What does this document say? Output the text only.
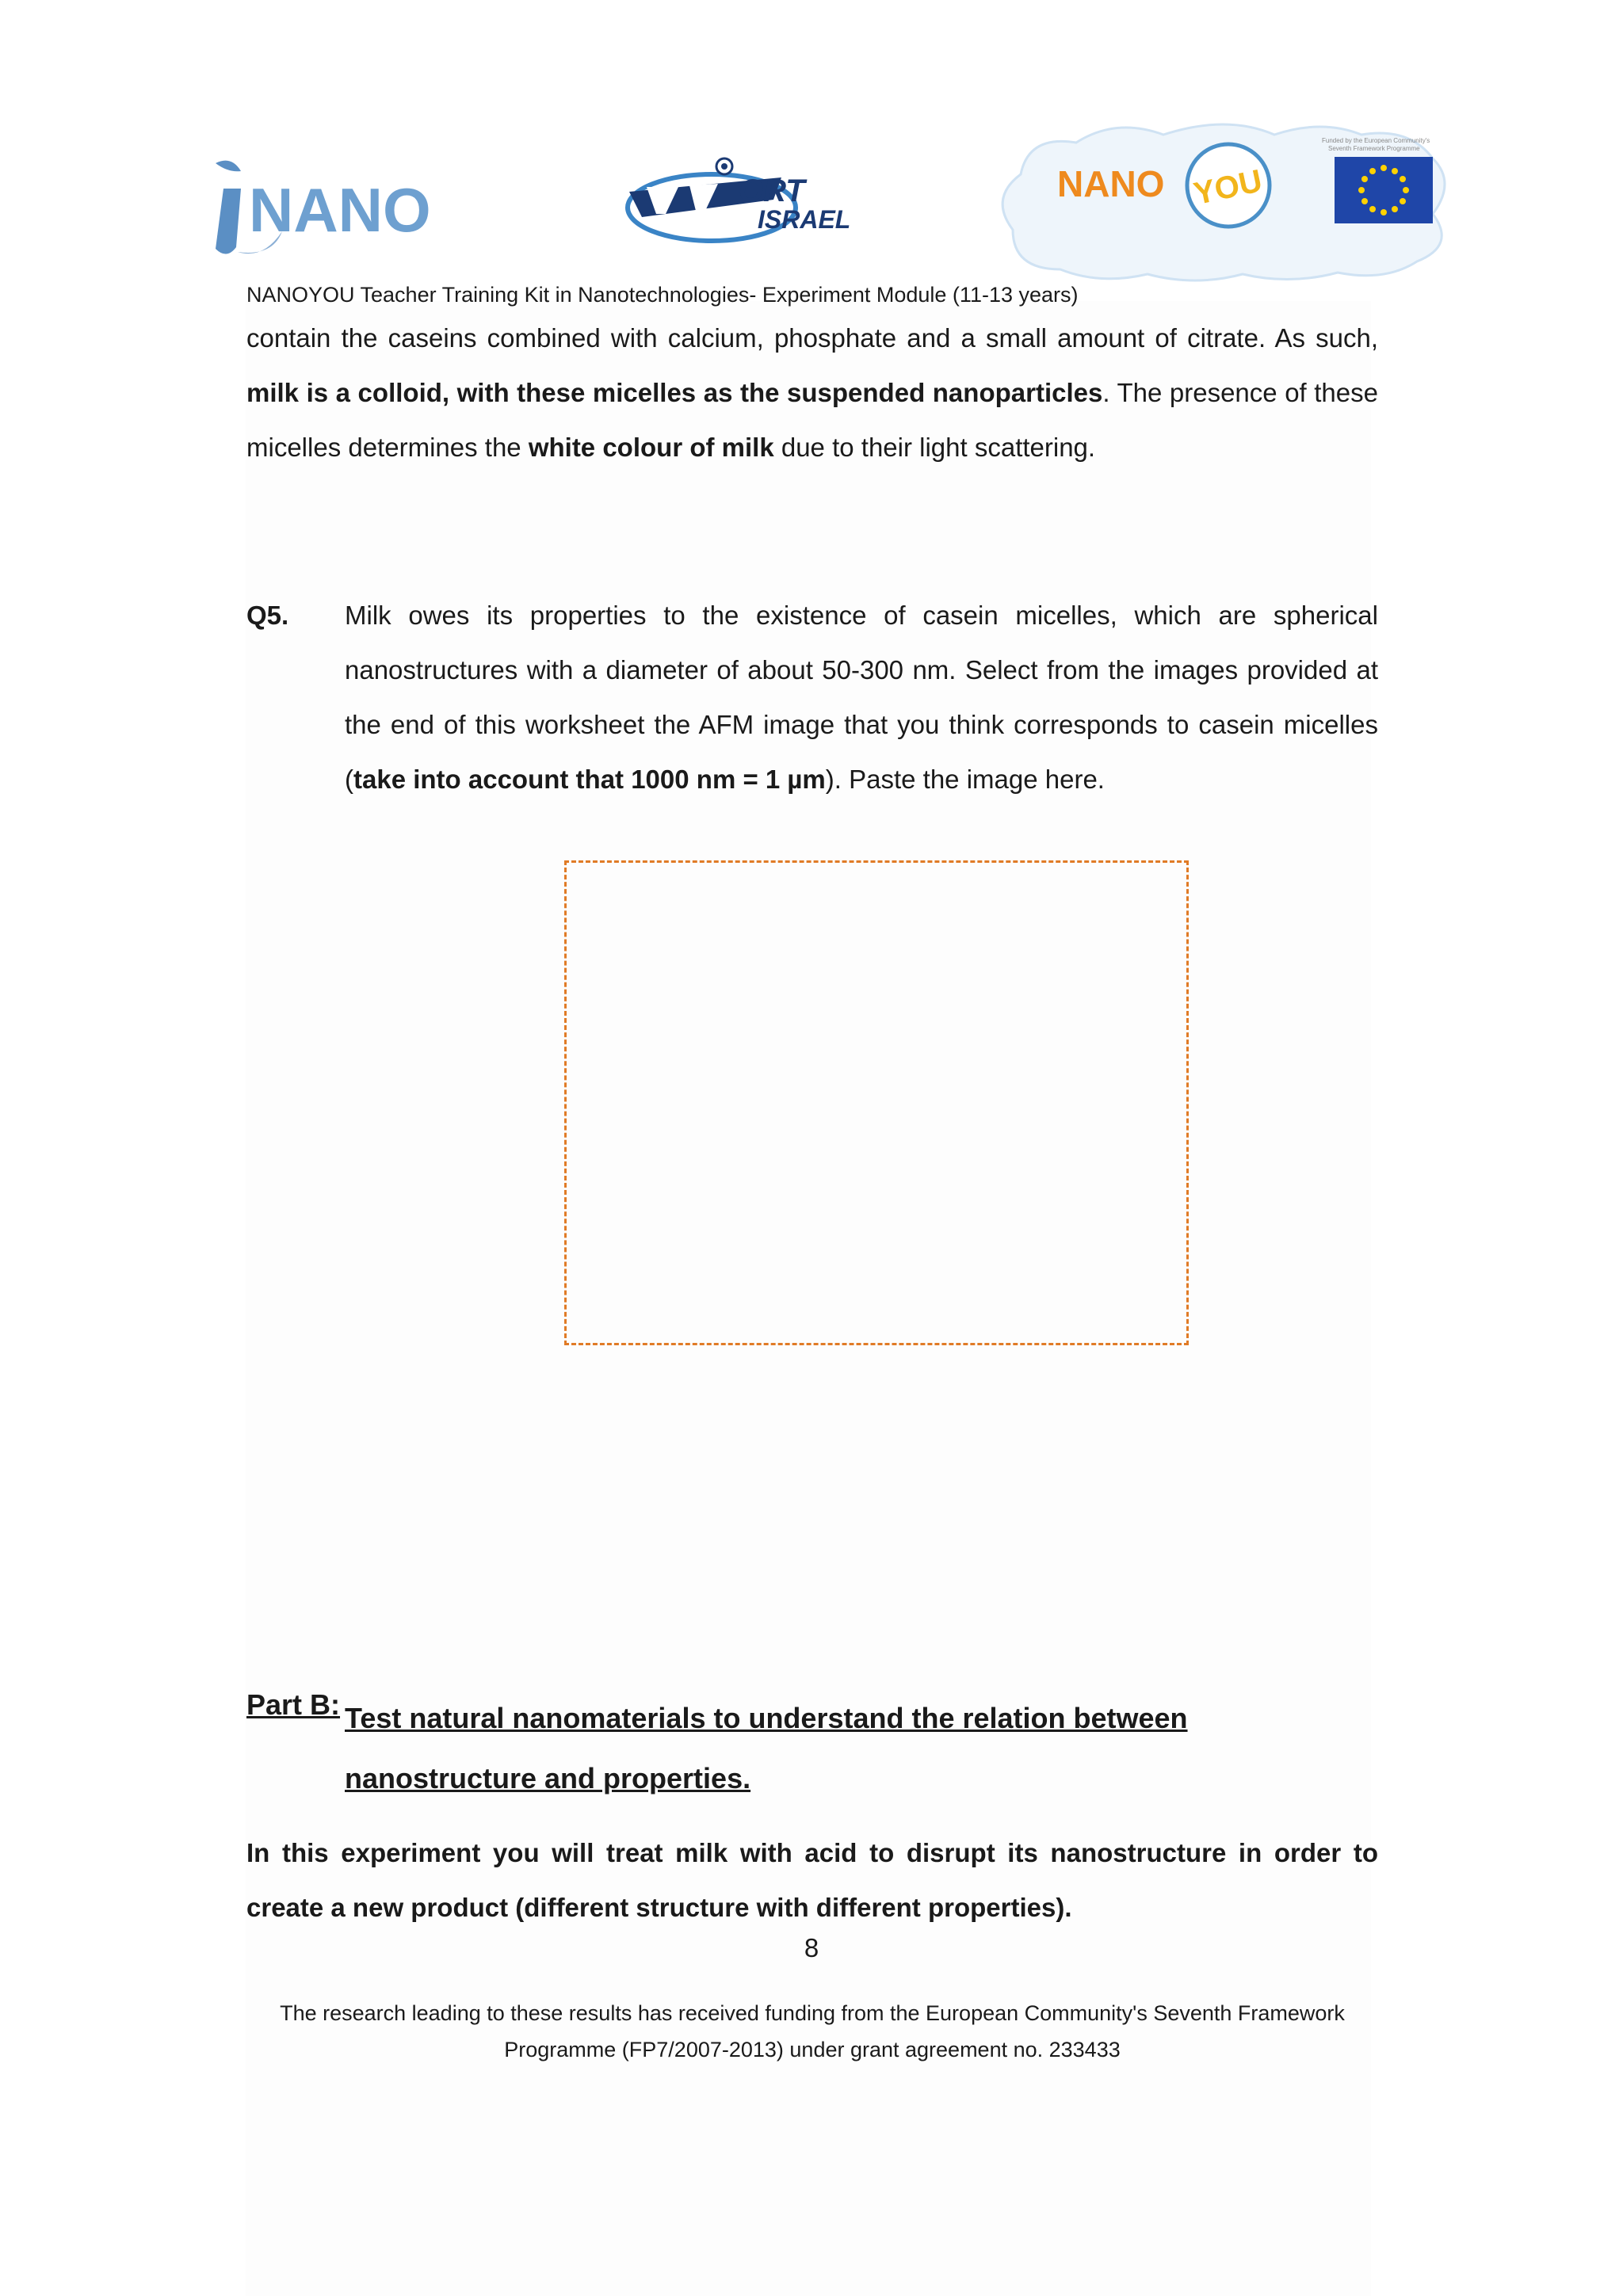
NANO	ORT
ISRAEL
NANO YOU
Funded by the European Community's
Seventh Framework Programme
NANOYOU Teacher Training Kit in Nanotechnologies- Experiment Module (11-13 years)
contain the caseins combined with calcium, phosphate and a small amount of citrate. As such, milk is a colloid, with these micelles as the suspended nanoparticles. The presence of these micelles determines the white colour of milk due to their light scattering.
Q5. Milk owes its properties to the existence of casein micelles, which are spherical nanostructures with a diameter of about 50-300 nm. Select from the images provided at the end of this worksheet the AFM image that you think corresponds to casein micelles (take into account that 1000 nm = 1 µm). Paste the image here.
Part B: Test natural nanomaterials to understand the relation between nanostructure and properties.
In this experiment you will treat milk with acid to disrupt its nanostructure in order to create a new product (different structure with different properties).
8
The research leading to these results has received funding from the European Community's Seventh Framework
Programme (FP7/2007-2013) under grant agreement no. 233433
